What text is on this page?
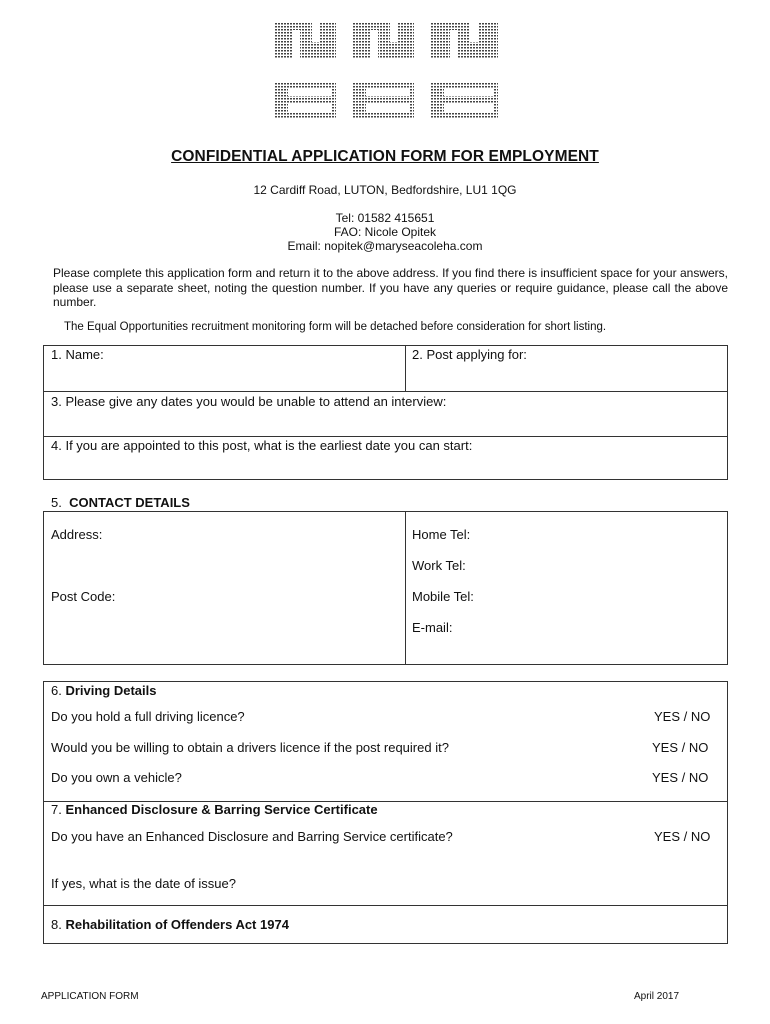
CONFIDENTIAL APPLICATION FORM FOR EMPLOYMENT
12 Cardiff Road, LUTON, Bedfordshire, LU1 1QG
Tel: 01582 415651
FAO: Nicole Opitek
Email: nopitek@maryseacoleha.com
Please complete this application form and return it to the above address. If you find there is insufficient space for your answers, please use a separate sheet, noting the question number. If you have any queries or require guidance, please call the above number.
The Equal Opportunities recruitment monitoring form will be detached before consideration for short listing.
1. Name:	2. Post applying for:
3. Please give any dates you would be unable to attend an interview:
4. If you are appointed to this post, what is the earliest date you can start:
5. CONTACT DETAILS
Address:
Post Code:
Home Tel:
Work Tel:
Mobile Tel:
E-mail:
6. Driving Details
Do you hold a full driving licence?	YES / NO
Would you be willing to obtain a drivers licence if the post required it?	YES / NO
Do you own a vehicle?	YES / NO
7. Enhanced Disclosure & Barring Service Certificate
Do you have an Enhanced Disclosure and Barring Service certificate?	YES / NO
If yes, what is the date of issue?
8. Rehabilitation of Offenders Act 1974
APPLICATION FORM	April 2017
